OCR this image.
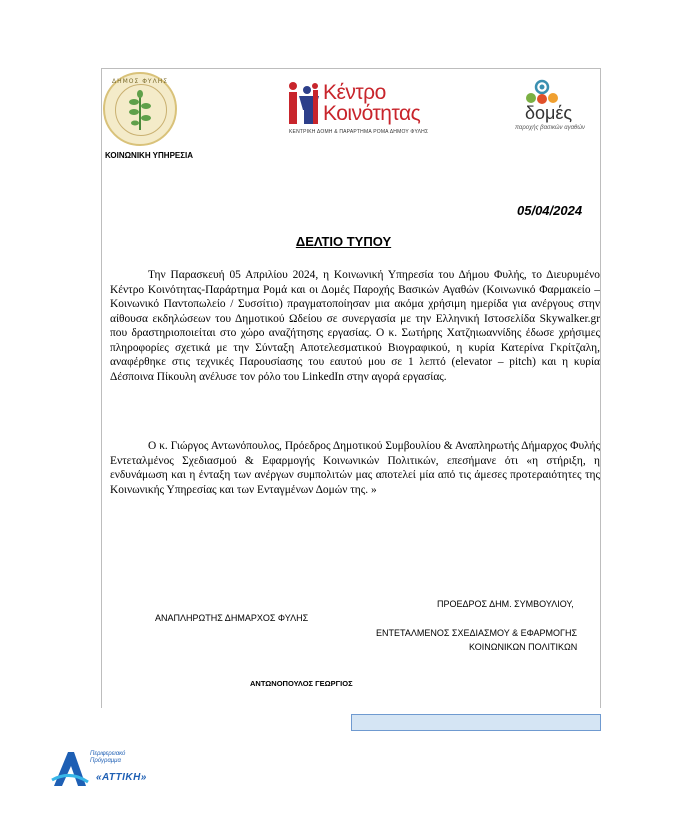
ΔΗΜΟΣ ΦΥΛΗΣ	Κέντρο
Κοινότητας
ΚΕΝΤΡΙΚΗ ΔΟΜΗ & ΠΑΡΑΡΤΗΜΑ ΡΟΜΑ ΔΗΜΟΥ ΦΥΛΗΣ
δομές
παροχής βασικών αγαθών
ΚΟΙΝΩΝΙΚΗ ΥΠΗΡΕΣΙΑ
05/04/2024
ΔΕΛΤΙΟ ΤΥΠΟΥ
Την Παρασκευή 05 Απριλίου 2024, η Κοινωνική Υπηρεσία του Δήμου Φυλής, το Διευρυμένο Κέντρο Κοινότητας-Παράρτημα Ρομά και οι Δομές Παροχής Βασικών Αγαθών (Κοινωνικό Φαρμακείο – Κοινωνικό Παντοπωλείο / Συσσίτιο) πραγματοποίησαν μια ακόμα χρήσιμη ημερίδα για ανέργους στην αίθουσα εκδηλώσεων του Δημοτικού Ωδείου σε συνεργασία με την Ελληνική Ιστοσελίδα Skywalker.gr που δραστηριοποιείται στο χώρο αναζήτησης εργασίας. Ο κ. Σωτήρης Χατζηιωαννίδης έδωσε χρήσιμες πληροφορίες σχετικά με την Σύνταξη Αποτελεσματικού Βιογραφικού, η κυρία Κατερίνα Γκρίτζαλη, αναφέρθηκε στις τεχνικές Παρουσίασης του εαυτού μου σε 1 λεπτό (elevator – pitch) και η κυρία Δέσποινα Πίκουλη ανέλυσε τον ρόλο του LinkedIn στην αγορά εργασίας.
Ο κ. Γιώργος Αντωνόπουλος, Πρόεδρος Δημοτικού Συμβουλίου & Αναπληρωτής Δήμαρχος Φυλής Εντεταλμένος Σχεδιασμού & Εφαρμογής Κοινωνικών Πολιτικών, επεσήμανε ότι «η στήριξη, η ενδυνάμωση και η ένταξη των ανέργων συμπολιτών μας αποτελεί μία από τις άμεσες προτεραιότητες της Κοινωνικής Υπηρεσίας και των Ενταγμένων Δομών της. »
ΠΡΟΕΔΡΟΣ ΔΗΜ. ΣΥΜΒΟΥΛΙΟΥ,
ΑΝΑΠΛΗΡΩΤΗΣ ΔΗΜΑΡΧΟΣ ΦΥΛΗΣ
ΕΝΤΕΤΑΛΜΕΝΟΣ ΣΧΕΔΙΑΣΜΟΥ & ΕΦΑΡΜΟΓΗΣ
ΚΟΙΝΩΝΙΚΩΝ ΠΟΛΙΤΙΚΩΝ
ΑΝΤΩΝΟΠΟΥΛΟΣ ΓΕΩΡΓΙΟΣ
Περιφερειακό
Πρόγραμμα
«ΑΤΤΙΚΗ»
